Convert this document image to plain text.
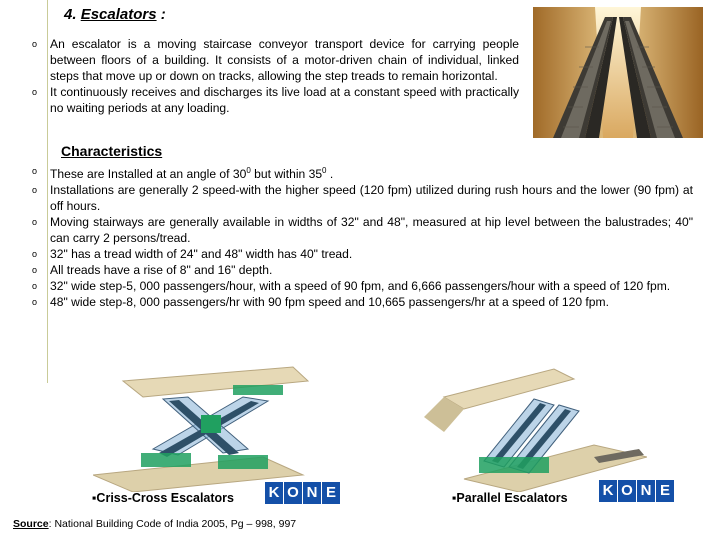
4. Escalators :
o An escalator is a moving staircase conveyor transport device for carrying people between floors of a building. It consists of a motor-driven chain of individual, linked steps that move up or down on tracks, allowing the step treads to remain horizontal.
o It continuously receives and discharges its live load at a constant speed with practically no waiting periods at any loading.
Characteristics
o These are Installed at an angle of $30^0$ but within $35^0$ .
o Installations are generally 2 speed-with the higher speed (120 fpm) utilized during rush hours and the lower (90 fpm) at off hours.
o Moving stairways are generally available in widths of 32" and 48", measured at hip level between the balustrades; 40" can carry 2 persons/tread.
o 32" has a tread width of 24" and 48" width has 40" tread.
o All treads have a rise of 8" and 16" depth.
o 32" wide step-5, 000 passengers/hour, with a speed of 90 fpm, and 6,666 passengers/hour with a speed of 120 fpm.
o 48" wide step-8, 000 passengers/hr with 90 fpm speed and 10,665 passengers/hr at a speed of 120 fpm.
▪Criss-Cross Escalators K O N E	▪Parallel Escalators K O N E
Source: National Building Code of India 2005, Pg – 998, 997
